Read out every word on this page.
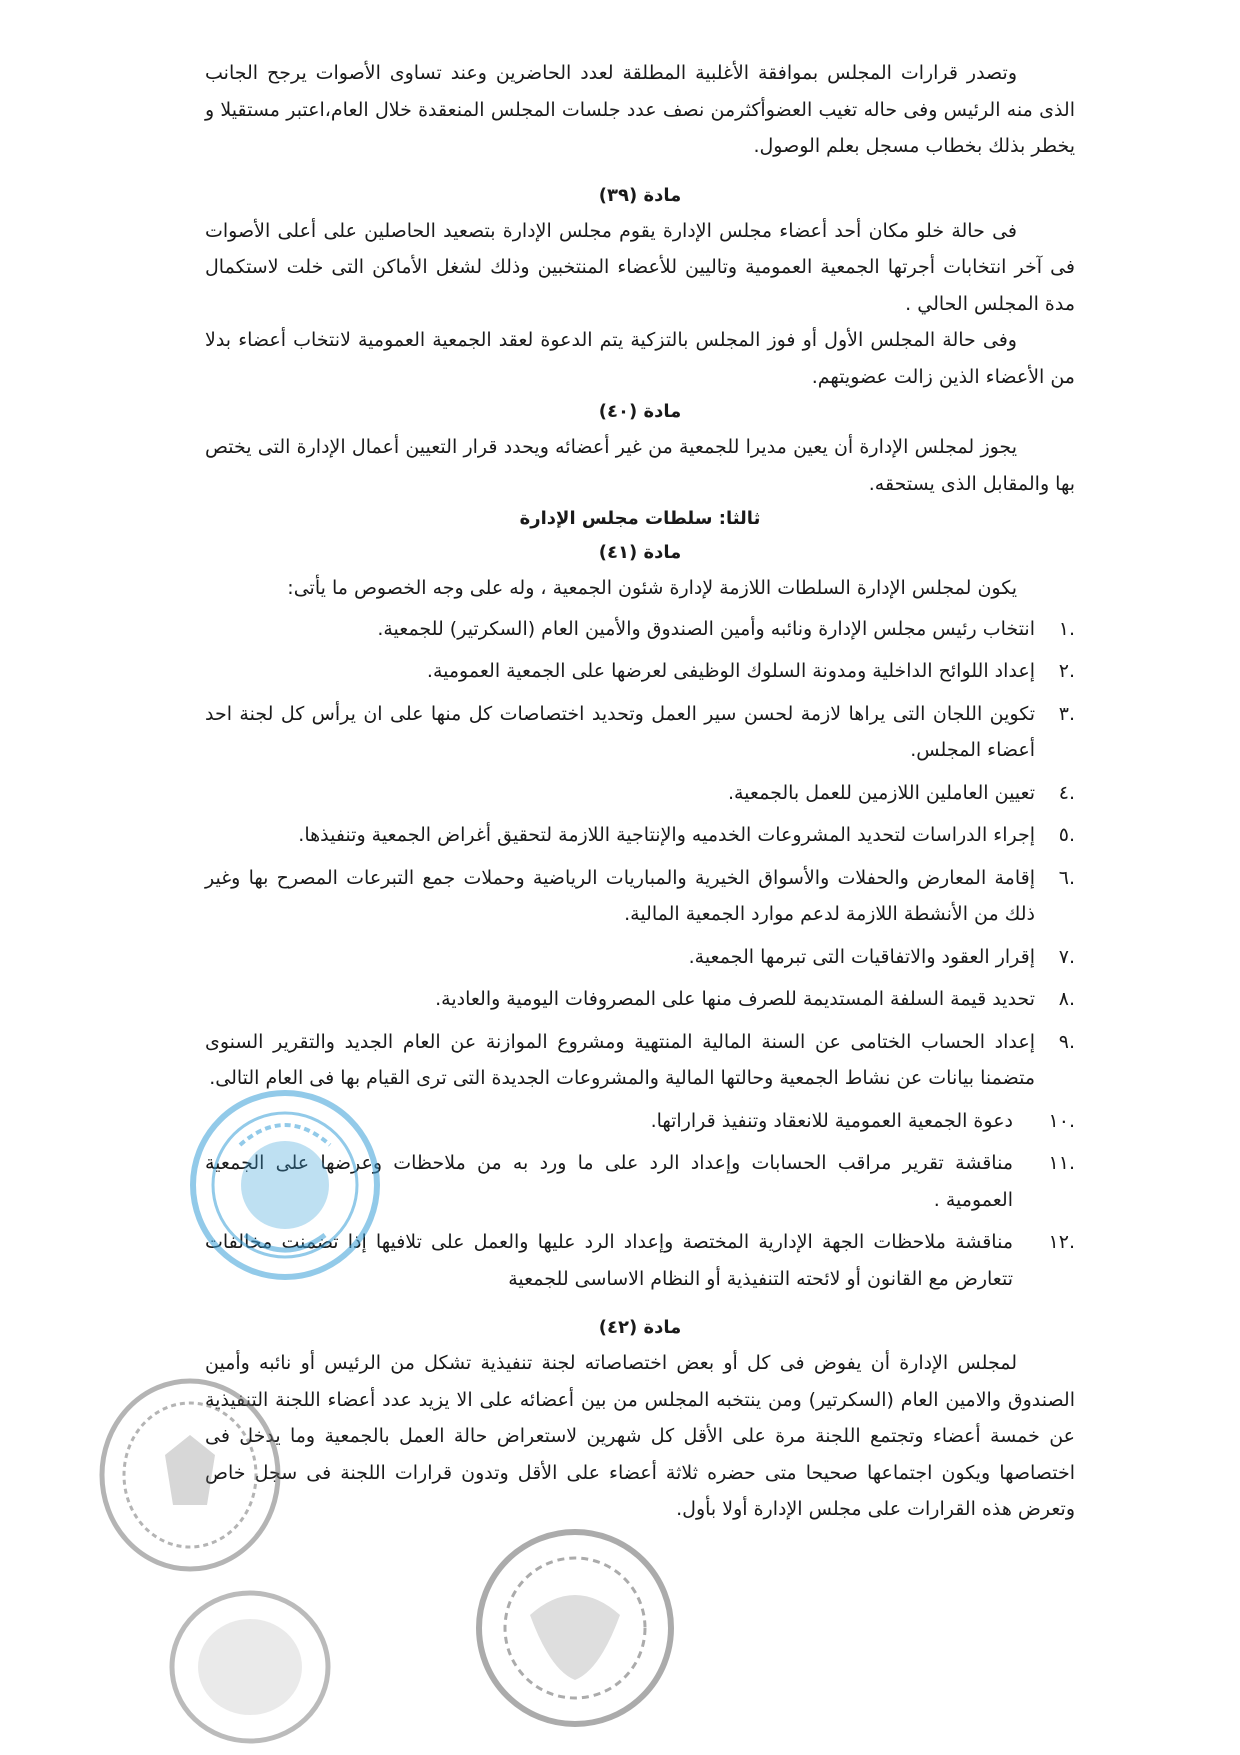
وتصدر قرارات المجلس بموافقة الأغلبية المطلقة لعدد الحاضرين وعند تساوى الأصوات يرجح الجانب الذى منه الرئيس وفى حاله تغيب العضوأكثرمن نصف عدد جلسات المجلس المنعقدة خلال العام،اعتبر مستقيلا و يخطر بذلك بخطاب مسجل بعلم الوصول.

مادة (٣٩)

فى حالة خلو مكان أحد أعضاء مجلس الإدارة يقوم مجلس الإدارة بتصعيد الحاصلين على أعلى الأصوات فى آخر انتخابات أجرتها الجمعية العمومية وتاليين للأعضاء المنتخبين وذلك لشغل الأماكن التى خلت لاستكمال مدة المجلس الحالي .

وفى حالة المجلس الأول أو فوز المجلس بالتزكية يتم الدعوة لعقد الجمعية العمومية لانتخاب أعضاء بدلا من الأعضاء الذين زالت عضويتهم.

مادة (٤٠)

يجوز لمجلس الإدارة أن يعين مديرا للجمعية من غير أعضائه ويحدد قرار التعيين أعمال الإدارة التى يختص بها والمقابل الذى يستحقه.

ثالثا: سلطات مجلس الإدارة
مادة (٤١)

يكون لمجلس الإدارة السلطات اللازمة لإدارة شئون الجمعية ، وله على وجه الخصوص ما يأتى:

.١
انتخاب رئيس مجلس الإدارة ونائبه وأمين الصندوق والأمين العام (السكرتير) للجمعية.
.٢
إعداد اللوائح الداخلية ومدونة السلوك الوظيفى لعرضها على الجمعية العمومية.
.٣
تكوين اللجان التى يراها لازمة لحسن سير العمل وتحديد اختصاصات كل منها على ان يرأس كل لجنة احد أعضاء المجلس.
.٤
تعيين العاملين اللازمين للعمل بالجمعية.
.٥
إجراء الدراسات لتحديد المشروعات الخدميه والإنتاجية اللازمة لتحقيق أغراض الجمعية وتنفيذها.
.٦
إقامة المعارض والحفلات والأسواق الخيرية والمباريات الرياضية وحملات جمع التبرعات المصرح بها وغير ذلك من الأنشطة اللازمة لدعم موارد الجمعية المالية.
.٧
إقرار العقود والاتفاقيات التى تبرمها الجمعية.
.٨
تحديد قيمة السلفة المستديمة للصرف منها على المصروفات اليومية والعادية.
.٩
إعداد الحساب الختامى عن السنة المالية المنتهية ومشروع الموازنة عن العام الجديد والتقرير السنوى متضمنا بيانات عن نشاط الجمعية وحالتها المالية والمشروعات الجديدة التى ترى القيام بها فى العام التالى.
.١٠
دعوة الجمعية العمومية للانعقاد وتنفيذ قراراتها.
.١١
مناقشة تقرير مراقب الحسابات وإعداد الرد على ما ورد به من ملاحظات وعرضها على الجمعية العمومية .
.١٢
مناقشة ملاحظات الجهة الإدارية المختصة وإعداد الرد عليها والعمل على تلافيها إذا تضمنت مخالفات تتعارض مع القانون أو لائحته التنفيذية أو النظام الاساسى للجمعية
مادة (٤٢)

لمجلس الإدارة أن يفوض فى كل أو بعض اختصاصاته لجنة تنفيذية تشكل من الرئيس أو نائبه وأمين الصندوق والامين العام (السكرتير) ومن ينتخبه المجلس من بين أعضائه على الا يزيد عدد أعضاء اللجنة التنفيذية عن خمسة أعضاء وتجتمع اللجنة مرة على الأقل كل شهرين لاستعراض حالة العمل بالجمعية وما يدخل فى اختصاصها ويكون اجتماعها صحيحا متى حضره ثلاثة أعضاء على الأقل وتدون قرارات اللجنة فى سجل خاص وتعرض هذه القرارات على مجلس الإدارة أولا بأول.
